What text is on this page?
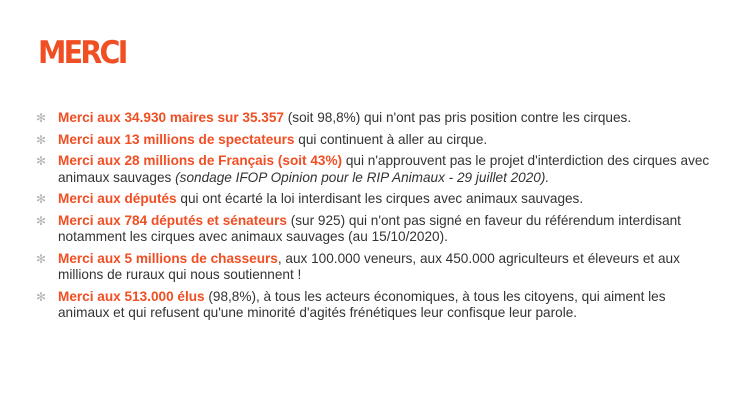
MERCI
✻ Merci aux 34.930 maires sur 35.357 (soit 98,8%) qui n'ont pas pris position contre les cirques.
✻ Merci aux 13 millions de spectateurs qui continuent à aller au cirque.
✻ Merci aux 28 millions de Français (soit 43%) qui n'approuvent pas le projet d'interdiction des cirques avec animaux sauvages (sondage IFOP Opinion pour le RIP Animaux - 29 juillet 2020).
✻ Merci aux députés qui ont écarté la loi interdisant les cirques avec animaux sauvages.
✻ Merci aux 784 députés et sénateurs (sur 925) qui n'ont pas signé en faveur du référendum interdisant notamment les cirques avec animaux sauvages (au 15/10/2020).
✻ Merci aux 5 millions de chasseurs, aux 100.000 veneurs, aux 450.000 agriculteurs et éleveurs et aux millions de ruraux qui nous soutiennent !
✻ Merci aux 513.000 élus (98,8%), à tous les acteurs économiques, à tous les citoyens, qui aiment les animaux et qui refusent qu'une minorité d'agités frénétiques leur confisque leur parole.
